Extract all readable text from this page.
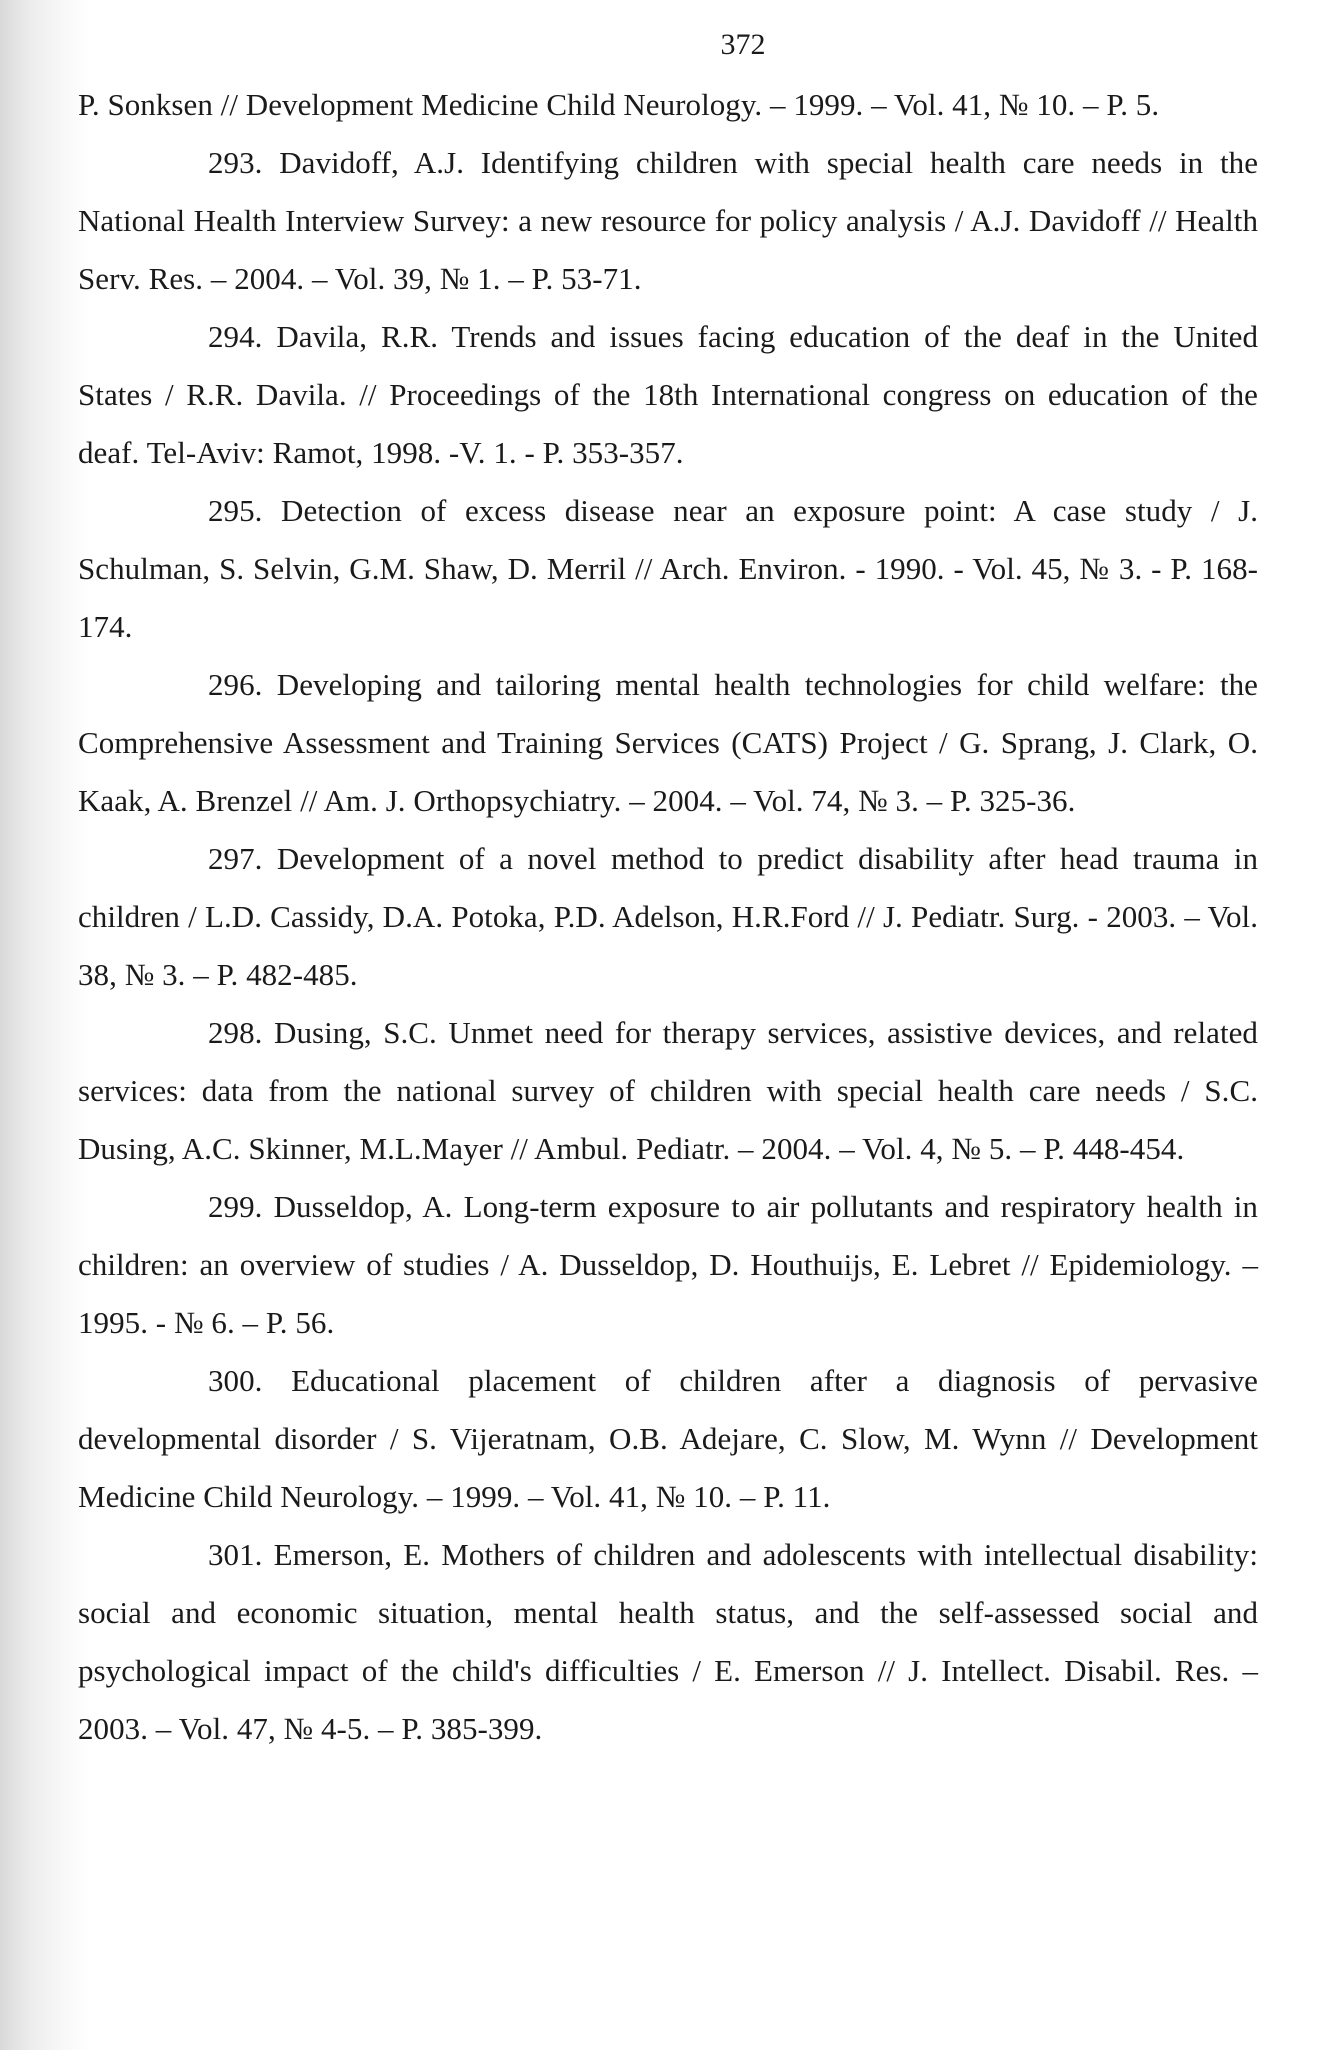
372

P. Sonksen // Development Medicine Child Neurology. – 1999. – Vol. 41, № 10. – P. 5.

293. Davidoff, A.J. Identifying children with special health care needs in the National Health Interview Survey: a new resource for policy analysis / A.J. Davidoff // Health Serv. Res. – 2004. – Vol. 39, № 1. – P. 53-71.

294. Davila, R.R. Trends and issues facing education of the deaf in the United States / R.R. Davila. // Proceedings of the 18th International congress on education of the deaf. Tel-Aviv: Ramot, 1998. -V. 1. - P. 353-357.

295. Detection of excess disease near an exposure point: A case study / J. Schulman, S. Selvin, G.M. Shaw, D. Merril // Arch. Environ. - 1990. - Vol. 45, № 3. - P. 168-174.

296. Developing and tailoring mental health technologies for child welfare: the Comprehensive Assessment and Training Services (CATS) Project / G. Sprang, J. Clark, O. Kaak, A. Brenzel // Am. J. Orthopsychiatry. – 2004. – Vol. 74, № 3. – P. 325-36.

297. Development of a novel method to predict disability after head trauma in children / L.D. Cassidy, D.A. Potoka, P.D. Adelson, H.R.Ford // J. Pediatr. Surg. - 2003. – Vol. 38, № 3. – P. 482-485.

298. Dusing, S.C. Unmet need for therapy services, assistive devices, and related services: data from the national survey of children with special health care needs / S.C. Dusing, A.C. Skinner, M.L.Mayer // Ambul. Pediatr. – 2004. – Vol. 4, № 5. – P. 448-454.

299. Dusseldop, A. Long-term exposure to air pollutants and respiratory health in children: an overview of studies / A. Dusseldop, D. Houthuijs, E. Lebret // Epidemiology. – 1995. - № 6. – P. 56.

300. Educational placement of children after a diagnosis of pervasive developmental disorder / S. Vijeratnam, O.B. Adejare, C. Slow, M. Wynn // Development Medicine Child Neurology. – 1999. – Vol. 41, № 10. – P. 11.

301. Emerson, E. Mothers of children and adolescents with intellectual disability: social and economic situation, mental health status, and the self-assessed social and psychological impact of the child's difficulties / E. Emerson // J. Intellect. Disabil. Res. – 2003. – Vol. 47, № 4-5. – P. 385-399.
